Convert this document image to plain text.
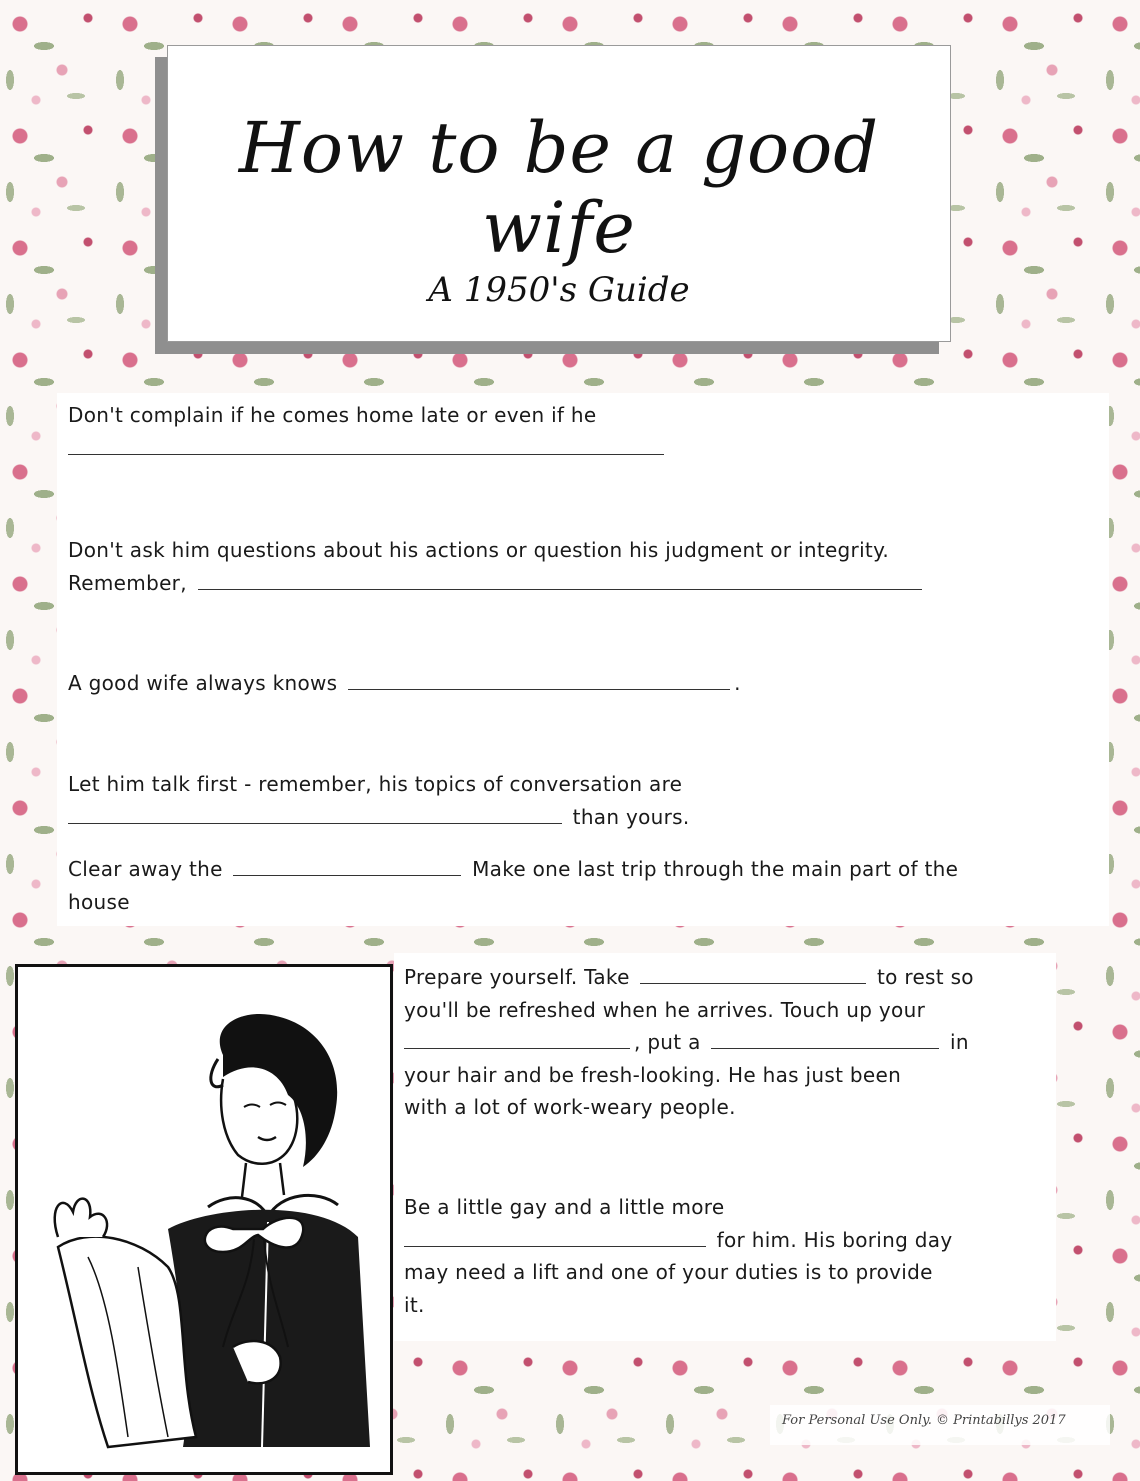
How to be a good wife
A 1950's Guide
Don't complain if he comes home late or even if he

Don't ask him questions about his actions or question his judgment or integrity.
Remember,
A good wife always knows	.
Let him talk first - remember, his topics of conversation are
than yours.
Clear away the	Make one last trip through the main part of the
house
Prepare yourself. Take	to rest so
you'll be refreshed when he arrives. Touch up your
, put a	in
your hair and be fresh-looking. He has just been
with a lot of work-weary people.
Be a little gay and a little more
for him. His boring day
may need a lift and one of your duties is to provide
it.
For Personal Use Only. © Printabillys 2017
